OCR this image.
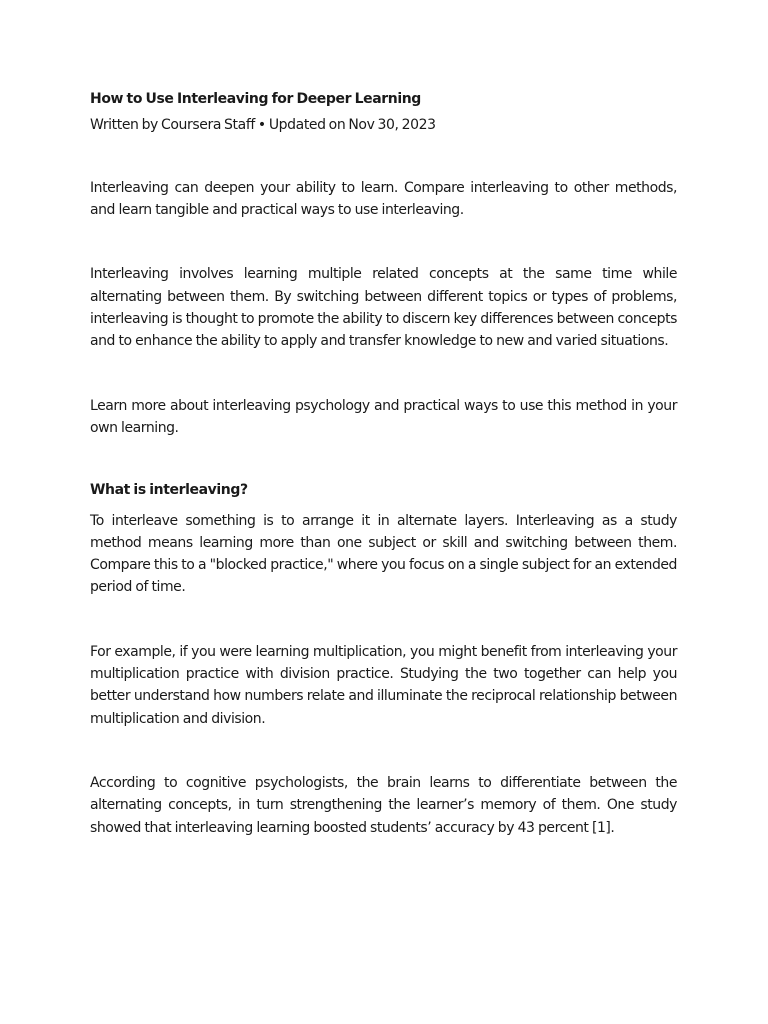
How to Use Interleaving for Deeper Learning

Written by Coursera Staff • Updated on Nov 30, 2023

Interleaving can deepen your ability to learn. Compare interleaving to other methods, and learn tangible and practical ways to use interleaving.

Interleaving involves learning multiple related concepts at the same time while alternating between them. By switching between different topics or types of problems, interleaving is thought to promote the ability to discern key differences between concepts and to enhance the ability to apply and transfer knowledge to new and varied situations.

Learn more about interleaving psychology and practical ways to use this method in your own learning.

What is interleaving?

To interleave something is to arrange it in alternate layers. Interleaving as a study method means learning more than one subject or skill and switching between them. Compare this to a "blocked practice," where you focus on a single subject for an extended period of time.

For example, if you were learning multiplication, you might benefit from interleaving your multiplication practice with division practice. Studying the two together can help you better understand how numbers relate and illuminate the reciprocal relationship between multiplication and division.

According to cognitive psychologists, the brain learns to differentiate between the alternating concepts, in turn strengthening the learner’s memory of them. One study showed that interleaving learning boosted students’ accuracy by 43 percent [1].
